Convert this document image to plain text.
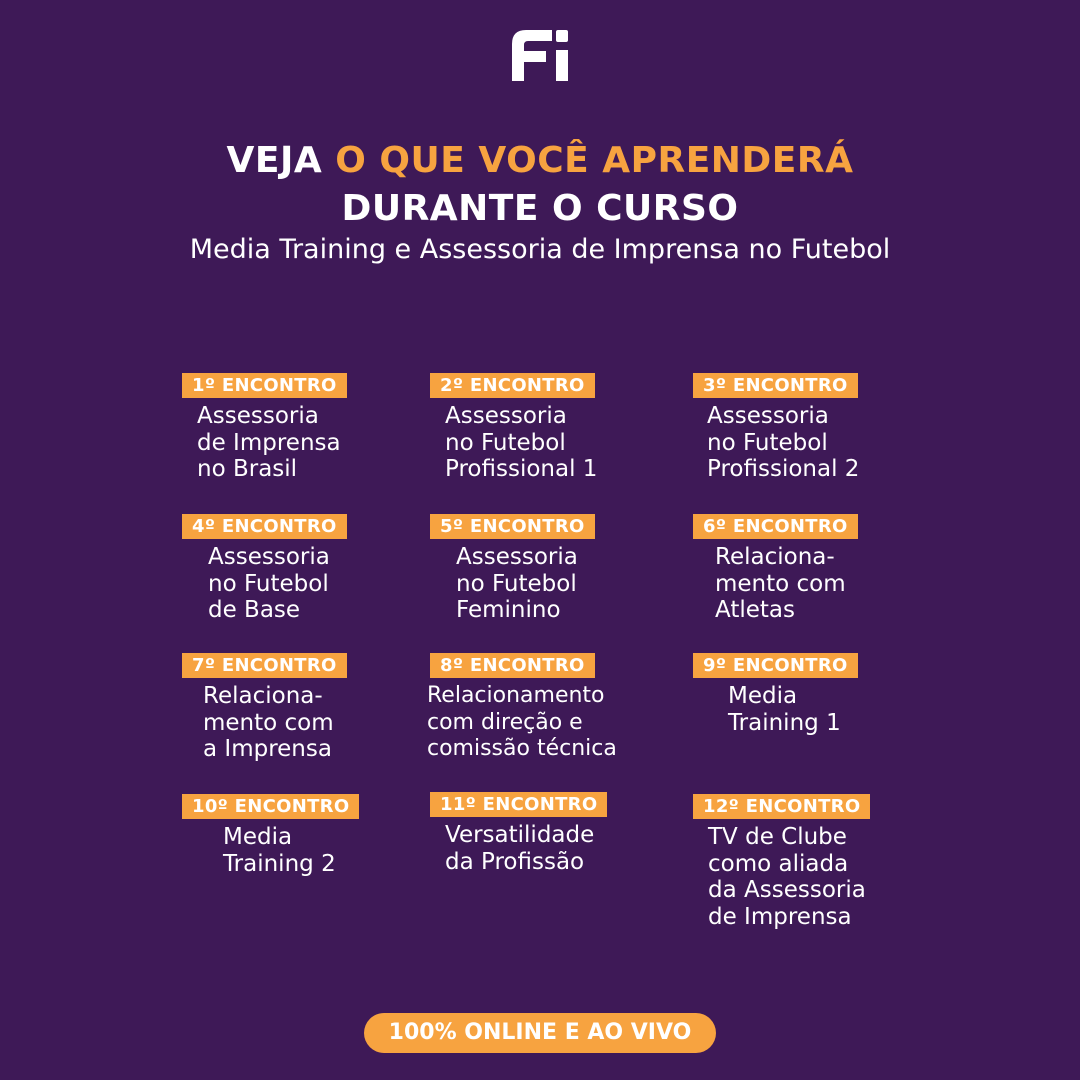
VEJA O QUE VOCÊ APRENDERÁ
DURANTE O CURSO
Media Training e Assessoria de Imprensa no Futebol
1º ENCONTRO
Assessoria
de Imprensa
no Brasil
2º ENCONTRO
Assessoria
no Futebol
Profissional 1
3º ENCONTRO
Assessoria
no Futebol
Profissional 2
4º ENCONTRO
Assessoria
no Futebol
de Base
5º ENCONTRO
Assessoria
no Futebol
Feminino
6º ENCONTRO
Relaciona-
mento com
Atletas
7º ENCONTRO
Relaciona-
mento com
a Imprensa
8º ENCONTRO
Relacionamento
com direção e
comissão técnica
9º ENCONTRO
Media
Training 1
10º ENCONTRO
Media
Training 2
11º ENCONTRO
Versatilidade
da Profissão
12º ENCONTRO
TV de Clube
como aliada
da Assessoria
de Imprensa
100% ONLINE E AO VIVO
